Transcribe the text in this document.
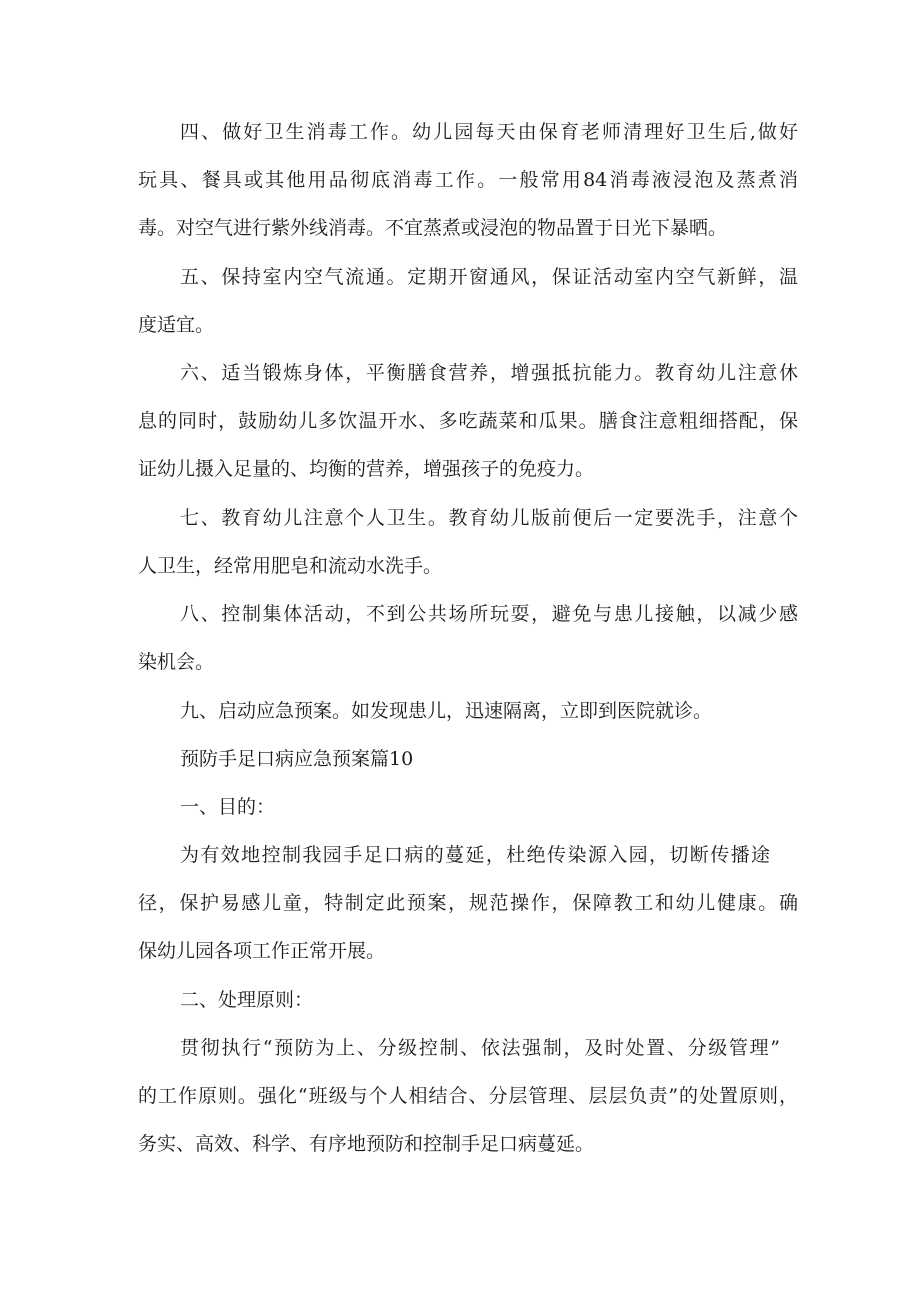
四、做好卫生消毒工作。幼儿园每天由保育老师清理好卫生后,做好
玩具、餐具或其他用品彻底消毒工作。一般常用84消毒液浸泡及蒸煮消
毒。对空气进行紫外线消毒。不宜蒸煮或浸泡的物品置于日光下暴晒。
五、保持室内空气流通。定期开窗通风，保证活动室内空气新鲜，温
度适宜。
六、适当锻炼身体，平衡膳食营养，增强抵抗能力。教育幼儿注意休
息的同时，鼓励幼儿多饮温开水、多吃蔬菜和瓜果。膳食注意粗细搭配，保
证幼儿摄入足量的、均衡的营养，增强孩子的免疫力。
七、教育幼儿注意个人卫生。教育幼儿版前便后一定要洗手，注意个
人卫生，经常用肥皂和流动水洗手。
八、控制集体活动，不到公共场所玩耍，避免与患儿接触，以减少感
染机会。
九、启动应急预案。如发现患儿，迅速隔离，立即到医院就诊。
预防手足口病应急预案篇10
一、目的：
为有效地控制我园手足口病的蔓延，杜绝传染源入园，切断传播途
径，保护易感儿童，特制定此预案，规范操作，保障教工和幼儿健康。确
保幼儿园各项工作正常开展。
二、处理原则：
贯彻执行“预防为上、分级控制、依法强制，及时处置、分级管理”
的工作原则。强化“班级与个人相结合、分层管理、层层负责”的处置原则，
务实、高效、科学、有序地预防和控制手足口病蔓延。
